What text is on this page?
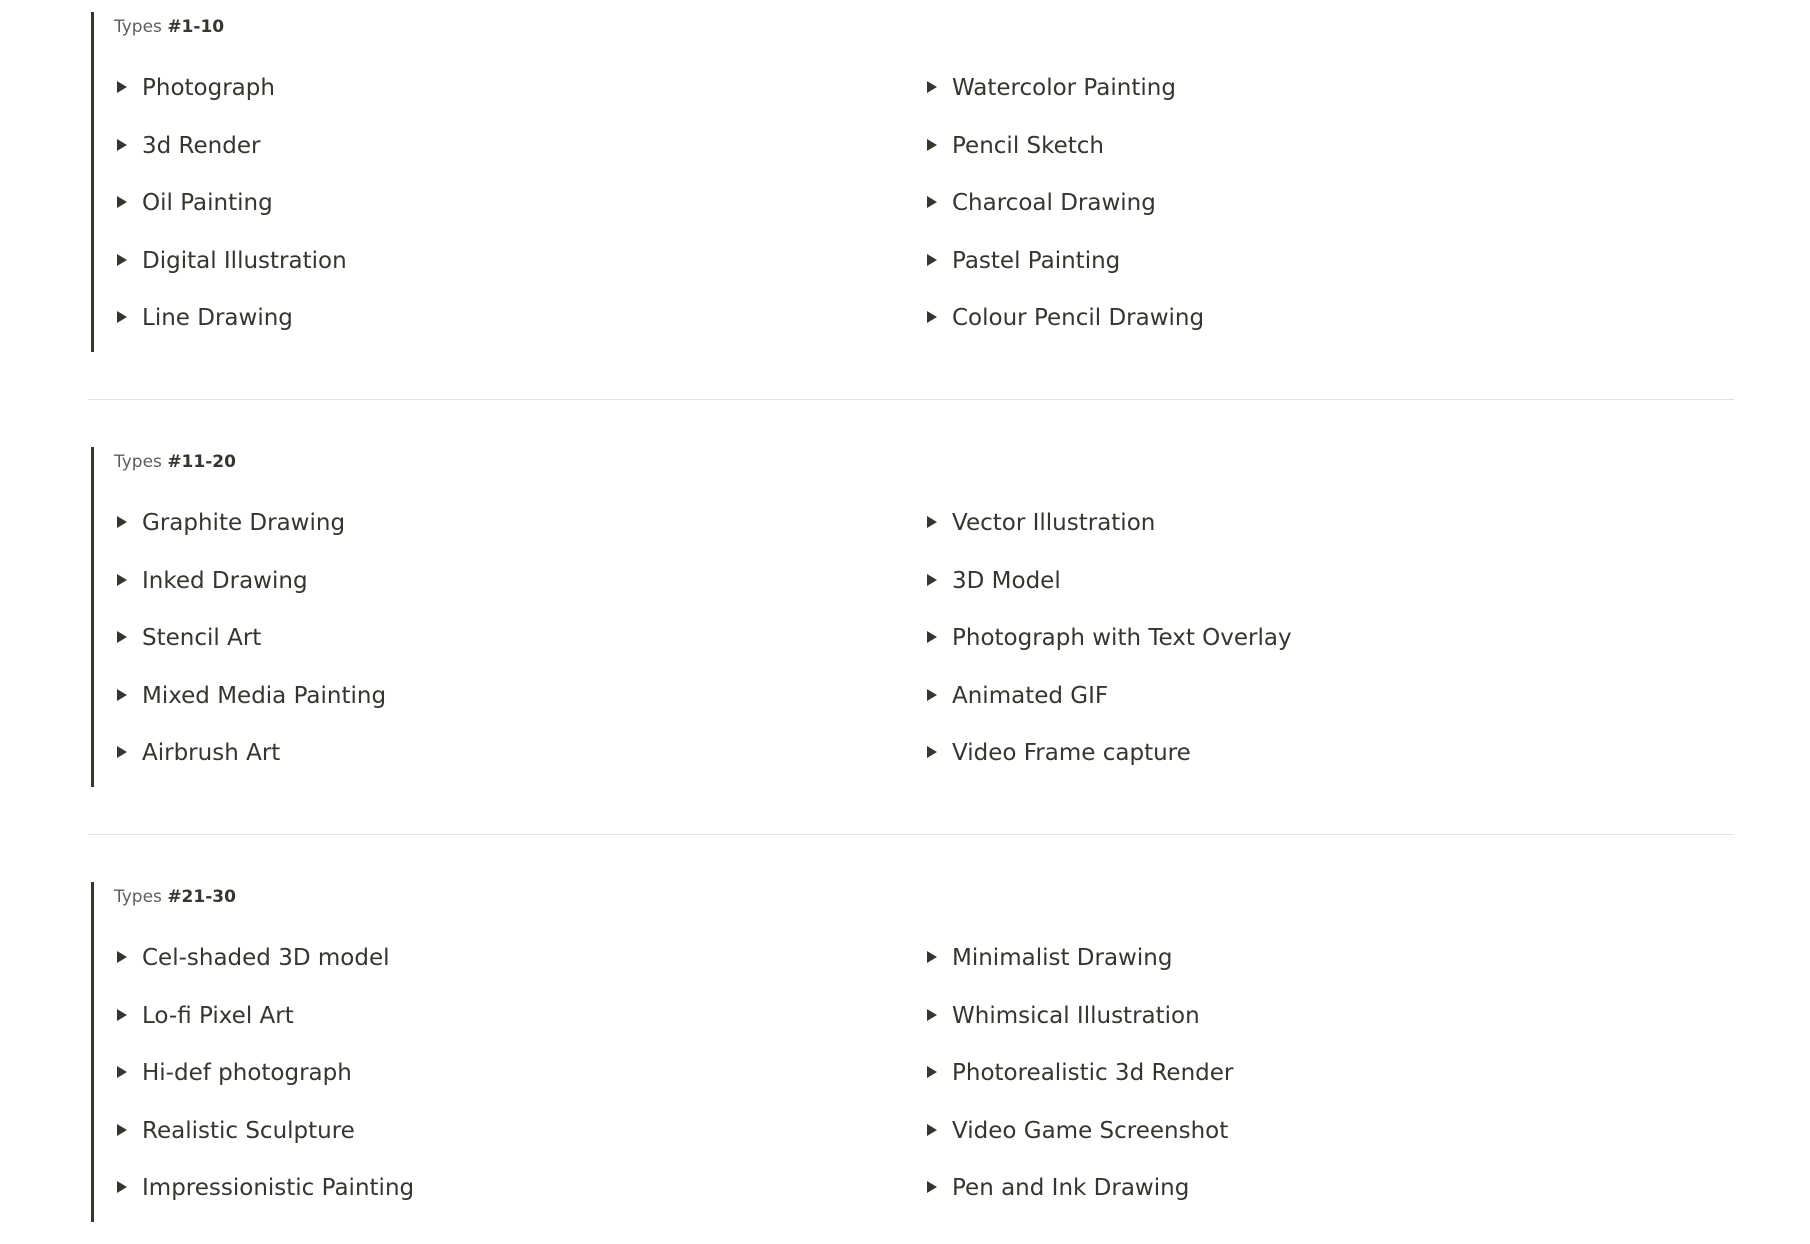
Types #1-10
Photograph
3d Render
Oil Painting
Digital Illustration
Line Drawing
Watercolor Painting
Pencil Sketch
Charcoal Drawing
Pastel Painting
Colour Pencil Drawing
Types #11-20
Graphite Drawing
Inked Drawing
Stencil Art
Mixed Media Painting
Airbrush Art
Vector Illustration
3D Model
Photograph with Text Overlay
Animated GIF
Video Frame capture
Types #21-30
Cel-shaded 3D model
Lo-fi Pixel Art
Hi-def photograph
Realistic Sculpture
Impressionistic Painting
Minimalist Drawing
Whimsical Illustration
Photorealistic 3d Render
Video Game Screenshot
Pen and Ink Drawing
